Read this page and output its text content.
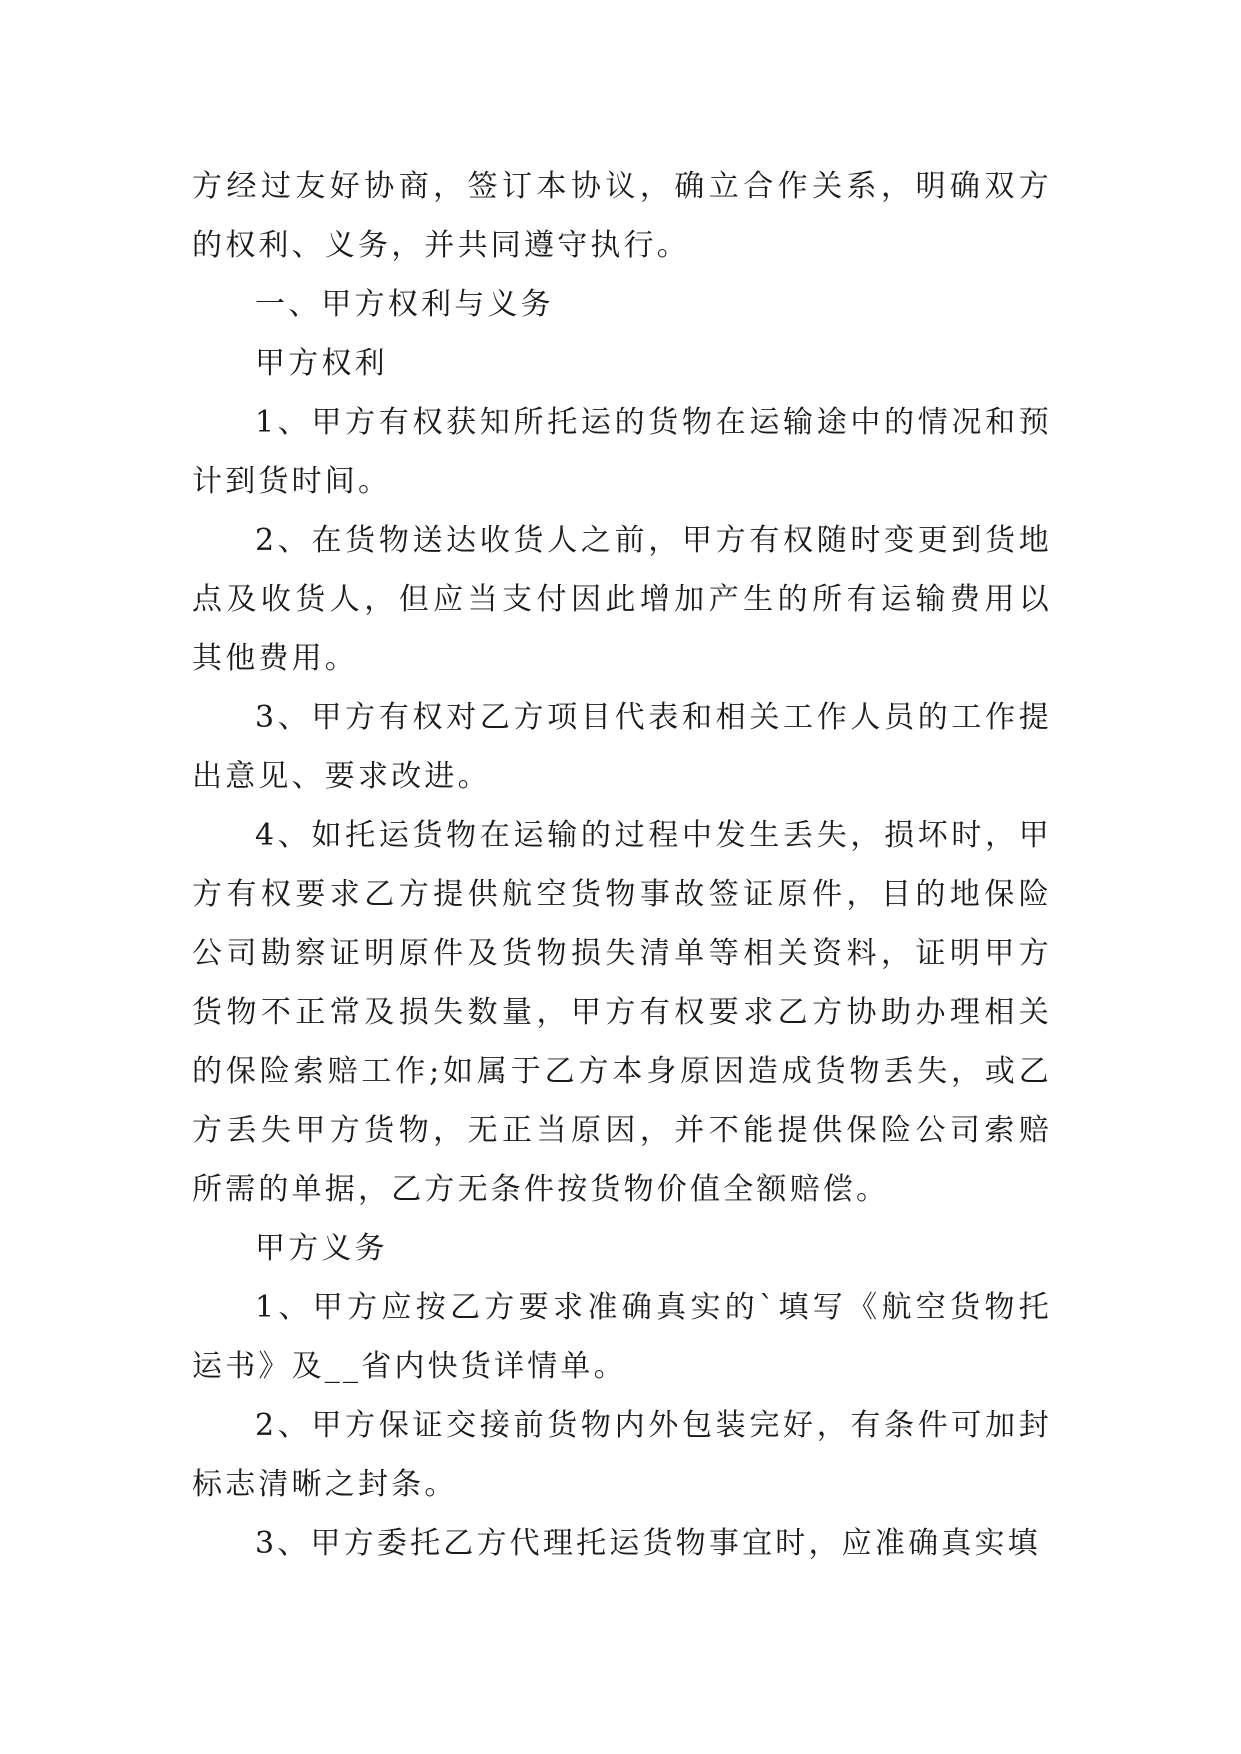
方经过友好协商，签订本协议，确立合作关系，明确双方的权利、义务，并共同遵守执行。

一、甲方权利与义务

甲方权利

1、甲方有权获知所托运的货物在运输途中的情况和预计到货时间。

2、在货物送达收货人之前，甲方有权随时变更到货地点及收货人，但应当支付因此增加产生的所有运输费用以其他费用。

3、甲方有权对乙方项目代表和相关工作人员的工作提出意见、要求改进。

4、如托运货物在运输的过程中发生丢失，损坏时，甲方有权要求乙方提供航空货物事故签证原件，目的地保险公司勘察证明原件及货物损失清单等相关资料，证明甲方货物不正常及损失数量，甲方有权要求乙方协助办理相关的保险索赔工作;如属于乙方本身原因造成货物丢失，或乙方丢失甲方货物，无正当原因，并不能提供保险公司索赔所需的单据，乙方无条件按货物价值全额赔偿。

甲方义务

1、甲方应按乙方要求准确真实的`填写《航空货物托运书》及__省内快货详情单。

2、甲方保证交接前货物内外包装完好，有条件可加封标志清晰之封条。

3、甲方委托乙方代理托运货物事宜时，应准确真实填
